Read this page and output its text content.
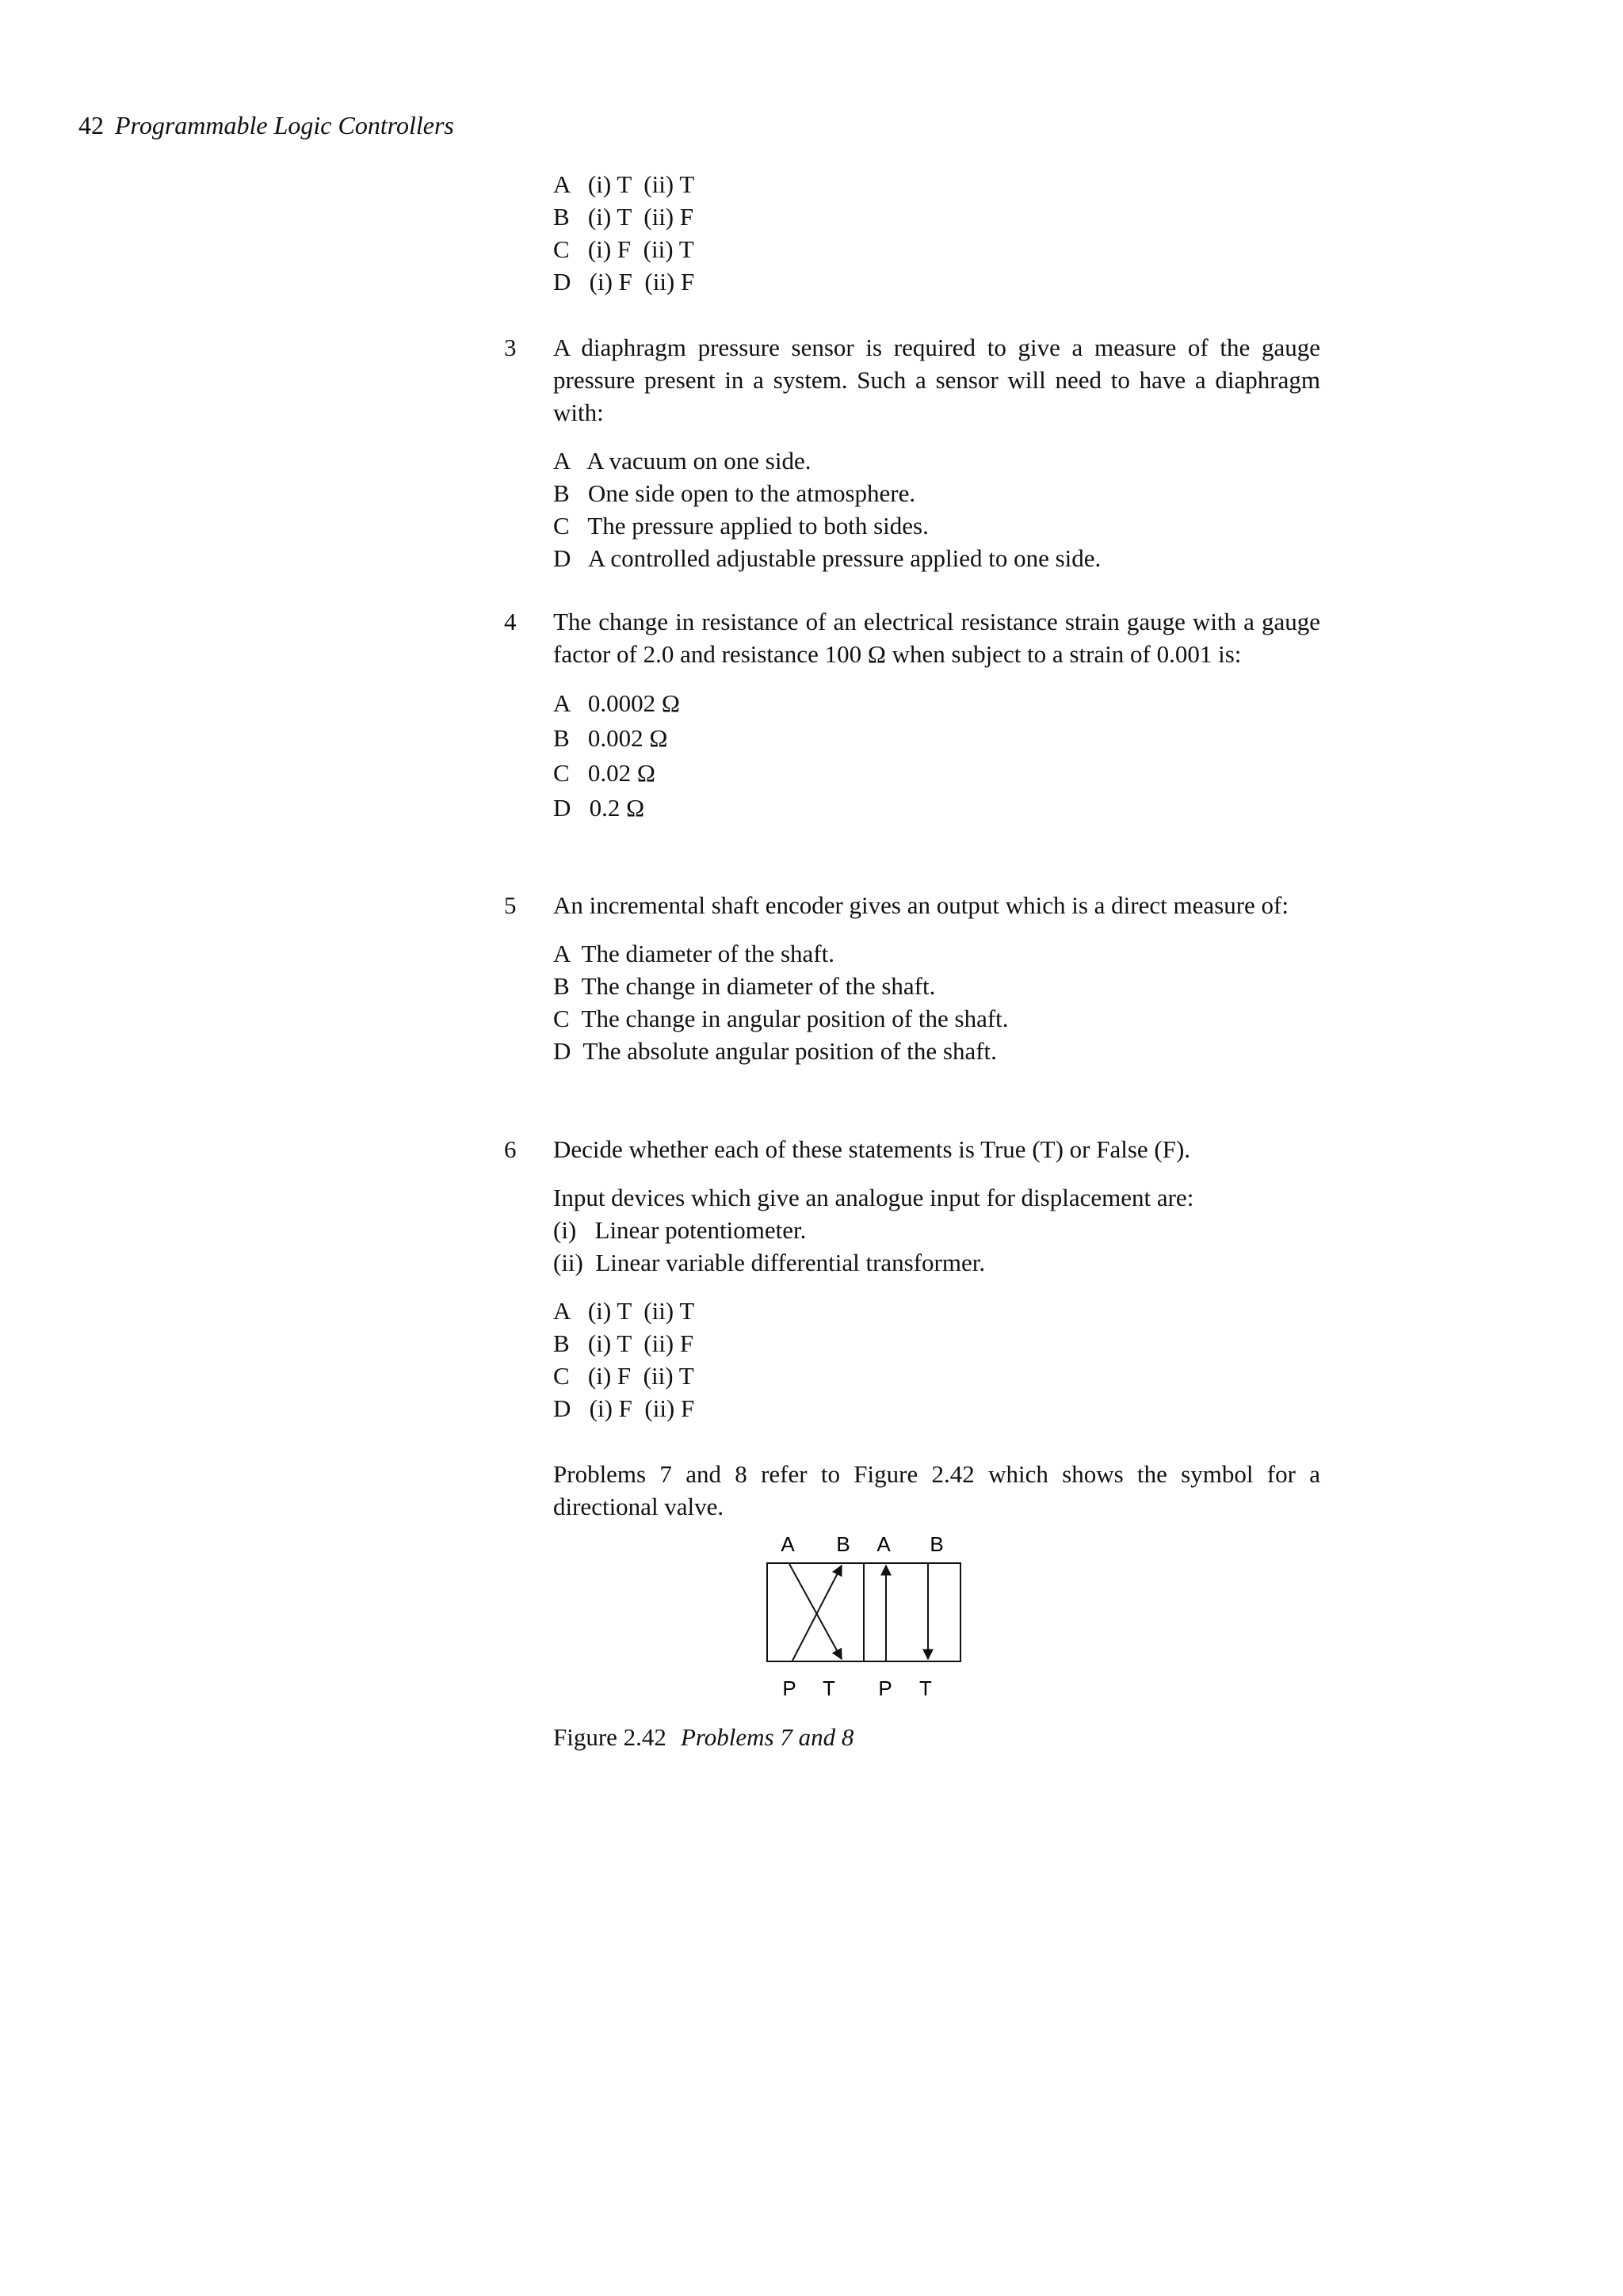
42 Programmable Logic Controllers
A   (i) T  (ii) T
B   (i) T  (ii) F
C   (i) F  (ii) T
D   (i) F  (ii) F
3 A diaphragm pressure sensor is required to give a measure of the gauge pressure present in a system. Such a sensor will need to have a diaphragm with:
A   A vacuum on one side.
B   One side open to the atmosphere.
C   The pressure applied to both sides.
D   A controlled adjustable pressure applied to one side.
4 The change in resistance of an electrical resistance strain gauge with a gauge factor of 2.0 and resistance 100 Ω when subject to a strain of 0.001 is:
A   0.0002 Ω
B   0.002 Ω
C   0.02 Ω
D   0.2 Ω
5 An incremental shaft encoder gives an output which is a direct measure of:
A  The diameter of the shaft.
B  The change in diameter of the shaft.
C  The change in angular position of the shaft.
D  The absolute angular position of the shaft.
6 Decide whether each of these statements is True (T) or False (F).
Input devices which give an analogue input for displacement are:
(i)   Linear potentiometer.
(ii)  Linear variable differential transformer.
A   (i) T  (ii) T
B   (i) T  (ii) F
C   (i) F  (ii) T
D   (i) F  (ii) F
Problems 7 and 8 refer to Figure 2.42 which shows the symbol for a directional valve.
A B A B
P T P T
Figure 2.42 Problems 7 and 8
